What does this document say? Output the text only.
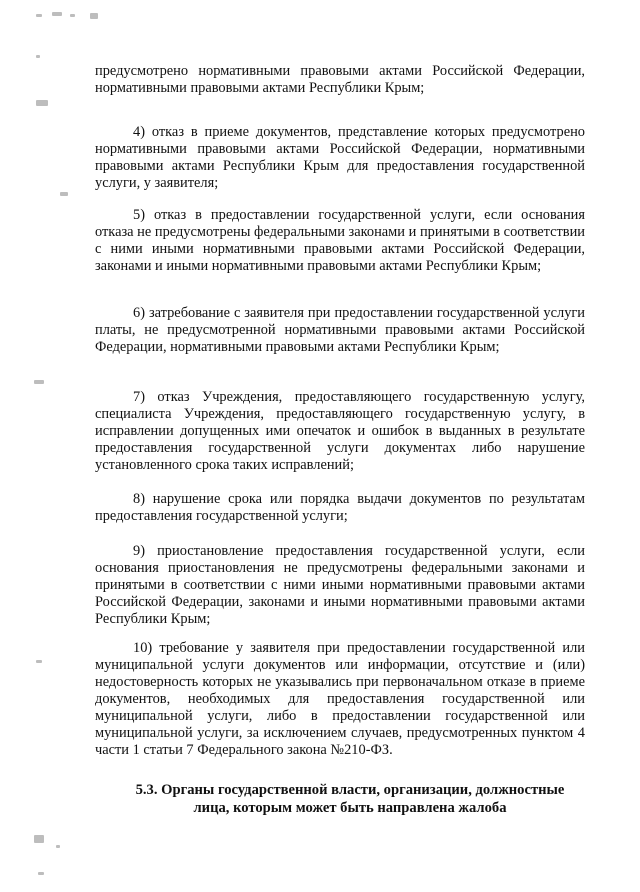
предусмотрено нормативными правовыми актами Российской Федерации, нормативными правовыми актами Республики Крым;

4) отказ в приеме документов, представление которых предусмотрено нормативными правовыми актами Российской Федерации, нормативными правовыми актами Республики Крым для предоставления государственной услуги, у заявителя;

5) отказ в предоставлении государственной услуги, если основания отказа не предусмотрены федеральными законами и принятыми в соответствии с ними иными нормативными правовыми актами Российской Федерации, законами и иными нормативными правовыми актами Республики Крым;

6) затребование с заявителя при предоставлении государственной услуги платы, не предусмотренной нормативными правовыми актами Российской Федерации, нормативными правовыми актами Республики Крым;

7) отказ Учреждения, предоставляющего государственную услугу, специалиста Учреждения, предоставляющего государственную услугу, в исправлении допущенных ими опечаток и ошибок в выданных в результате предоставления государственной услуги документах либо нарушение установленного срока таких исправлений;

8) нарушение срока или порядка выдачи документов по результатам предоставления государственной услуги;

9) приостановление предоставления государственной услуги, если основания приостановления не предусмотрены федеральными законами и принятыми в соответствии с ними иными нормативными правовыми актами Российской Федерации, законами и иными нормативными правовыми актами Республики Крым;

10) требование у заявителя при предоставлении государственной или муниципальной услуги документов или информации, отсутствие и (или) недостоверность которых не указывались при первоначальном отказе в приеме документов, необходимых для предоставления государственной или муниципальной услуги, либо в предоставлении государственной или муниципальной услуги, за исключением случаев, предусмотренных пунктом 4 части 1 статьи 7 Федерального закона №210-ФЗ.

5.3. Органы государственной власти, организации, должностные

лица, которым может быть направлена жалоба
